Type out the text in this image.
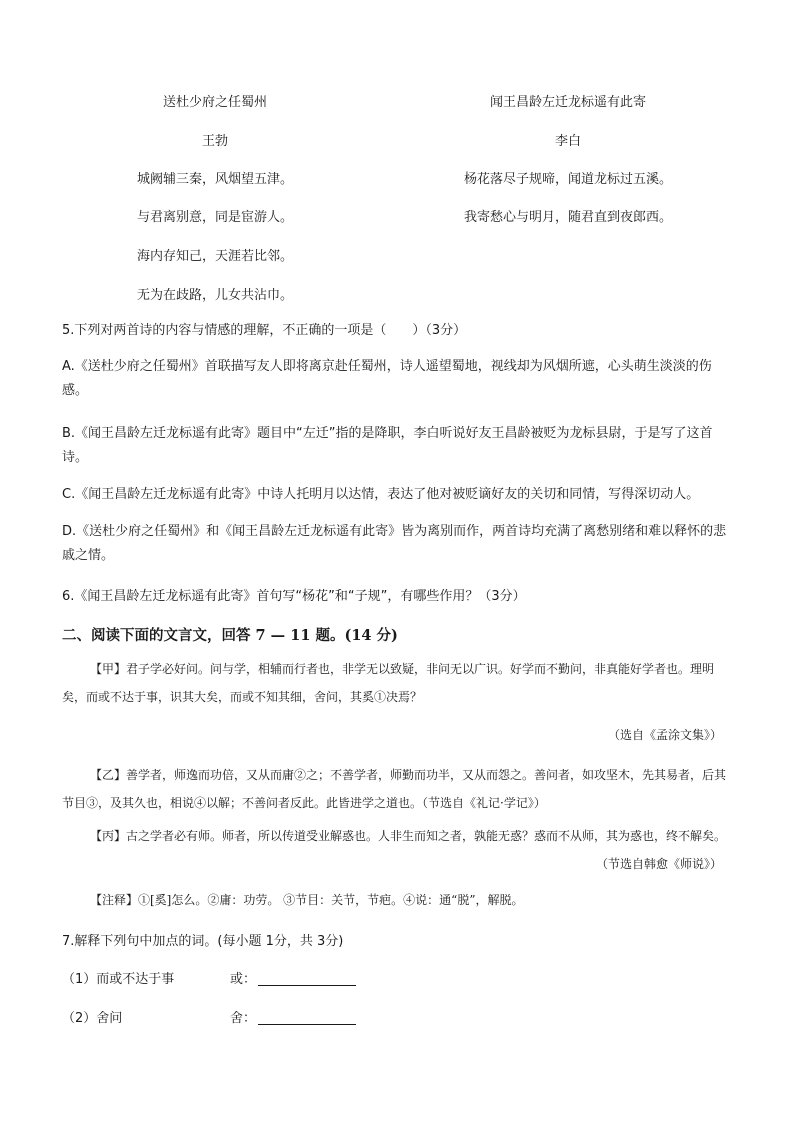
送杜少府之任蜀州	闻王昌龄左迁龙标遥有此寄
王勃	李白
城阙辅三秦，风烟望五津。	杨花落尽子规啼，闻道龙标过五溪。
与君离别意，同是宦游人。	我寄愁心与明月，随君直到夜郎西。
海内存知己，天涯若比邻。
无为在歧路，儿女共沾巾。
5.下列对两首诗的内容与情感的理解，不正确的一项是（　　）（3分）
A.《送杜少府之任蜀州》首联描写友人即将离京赴任蜀州，诗人遥望蜀地，视线却为风烟所遮，心头萌生淡淡的伤感。
B.《闻王昌龄左迁龙标遥有此寄》题目中“左迁”指的是降职，李白听说好友王昌龄被贬为龙标县尉，于是写了这首诗。
C.《闻王昌龄左迁龙标遥有此寄》中诗人托明月以达情，表达了他对被贬谪好友的关切和同情，写得深切动人。
D.《送杜少府之任蜀州》和《闻王昌龄左迁龙标遥有此寄》皆为离别而作，两首诗均充满了离愁别绪和难以释怀的悲戚之情。
6.《闻王昌龄左迁龙标遥有此寄》首句写“杨花”和“子规”，有哪些作用？（3分）
二、阅读下面的文言文，回答 7 — 11 题。(14 分)
【甲】君子学必好问。问与学，相辅而行者也，非学无以致疑，非问无以广识。好学而不勤问，非真能好学者也。理明矣，而或不达于事，识其大矣，而或不知其细，舍问，其奚①决焉？
（选自《孟涂文集》）
【乙】善学者，师逸而功倍，又从而庸②之；不善学者，师勤而功半，又从而怨之。善问者，如攻坚木，先其易者，后其节目③，及其久也，相说④以解；不善问者反此。此皆进学之道也。（节选自《礼记·学记》）
【丙】古之学者必有师。师者，所以传道受业解惑也。人非生而知之者，孰能无惑？惑而不从师，其为惑也，终不解矣。
（节选自韩愈《师说》）
【注释】①[奚]怎么。②庸：功劳。 ③节目：关节，节疤。④说：通“脱”，解脱。
7.解释下列句中加点的词。(每小题 1分，共 3分)
（1）而或不达于事	或：
（2）舍问	舍：
